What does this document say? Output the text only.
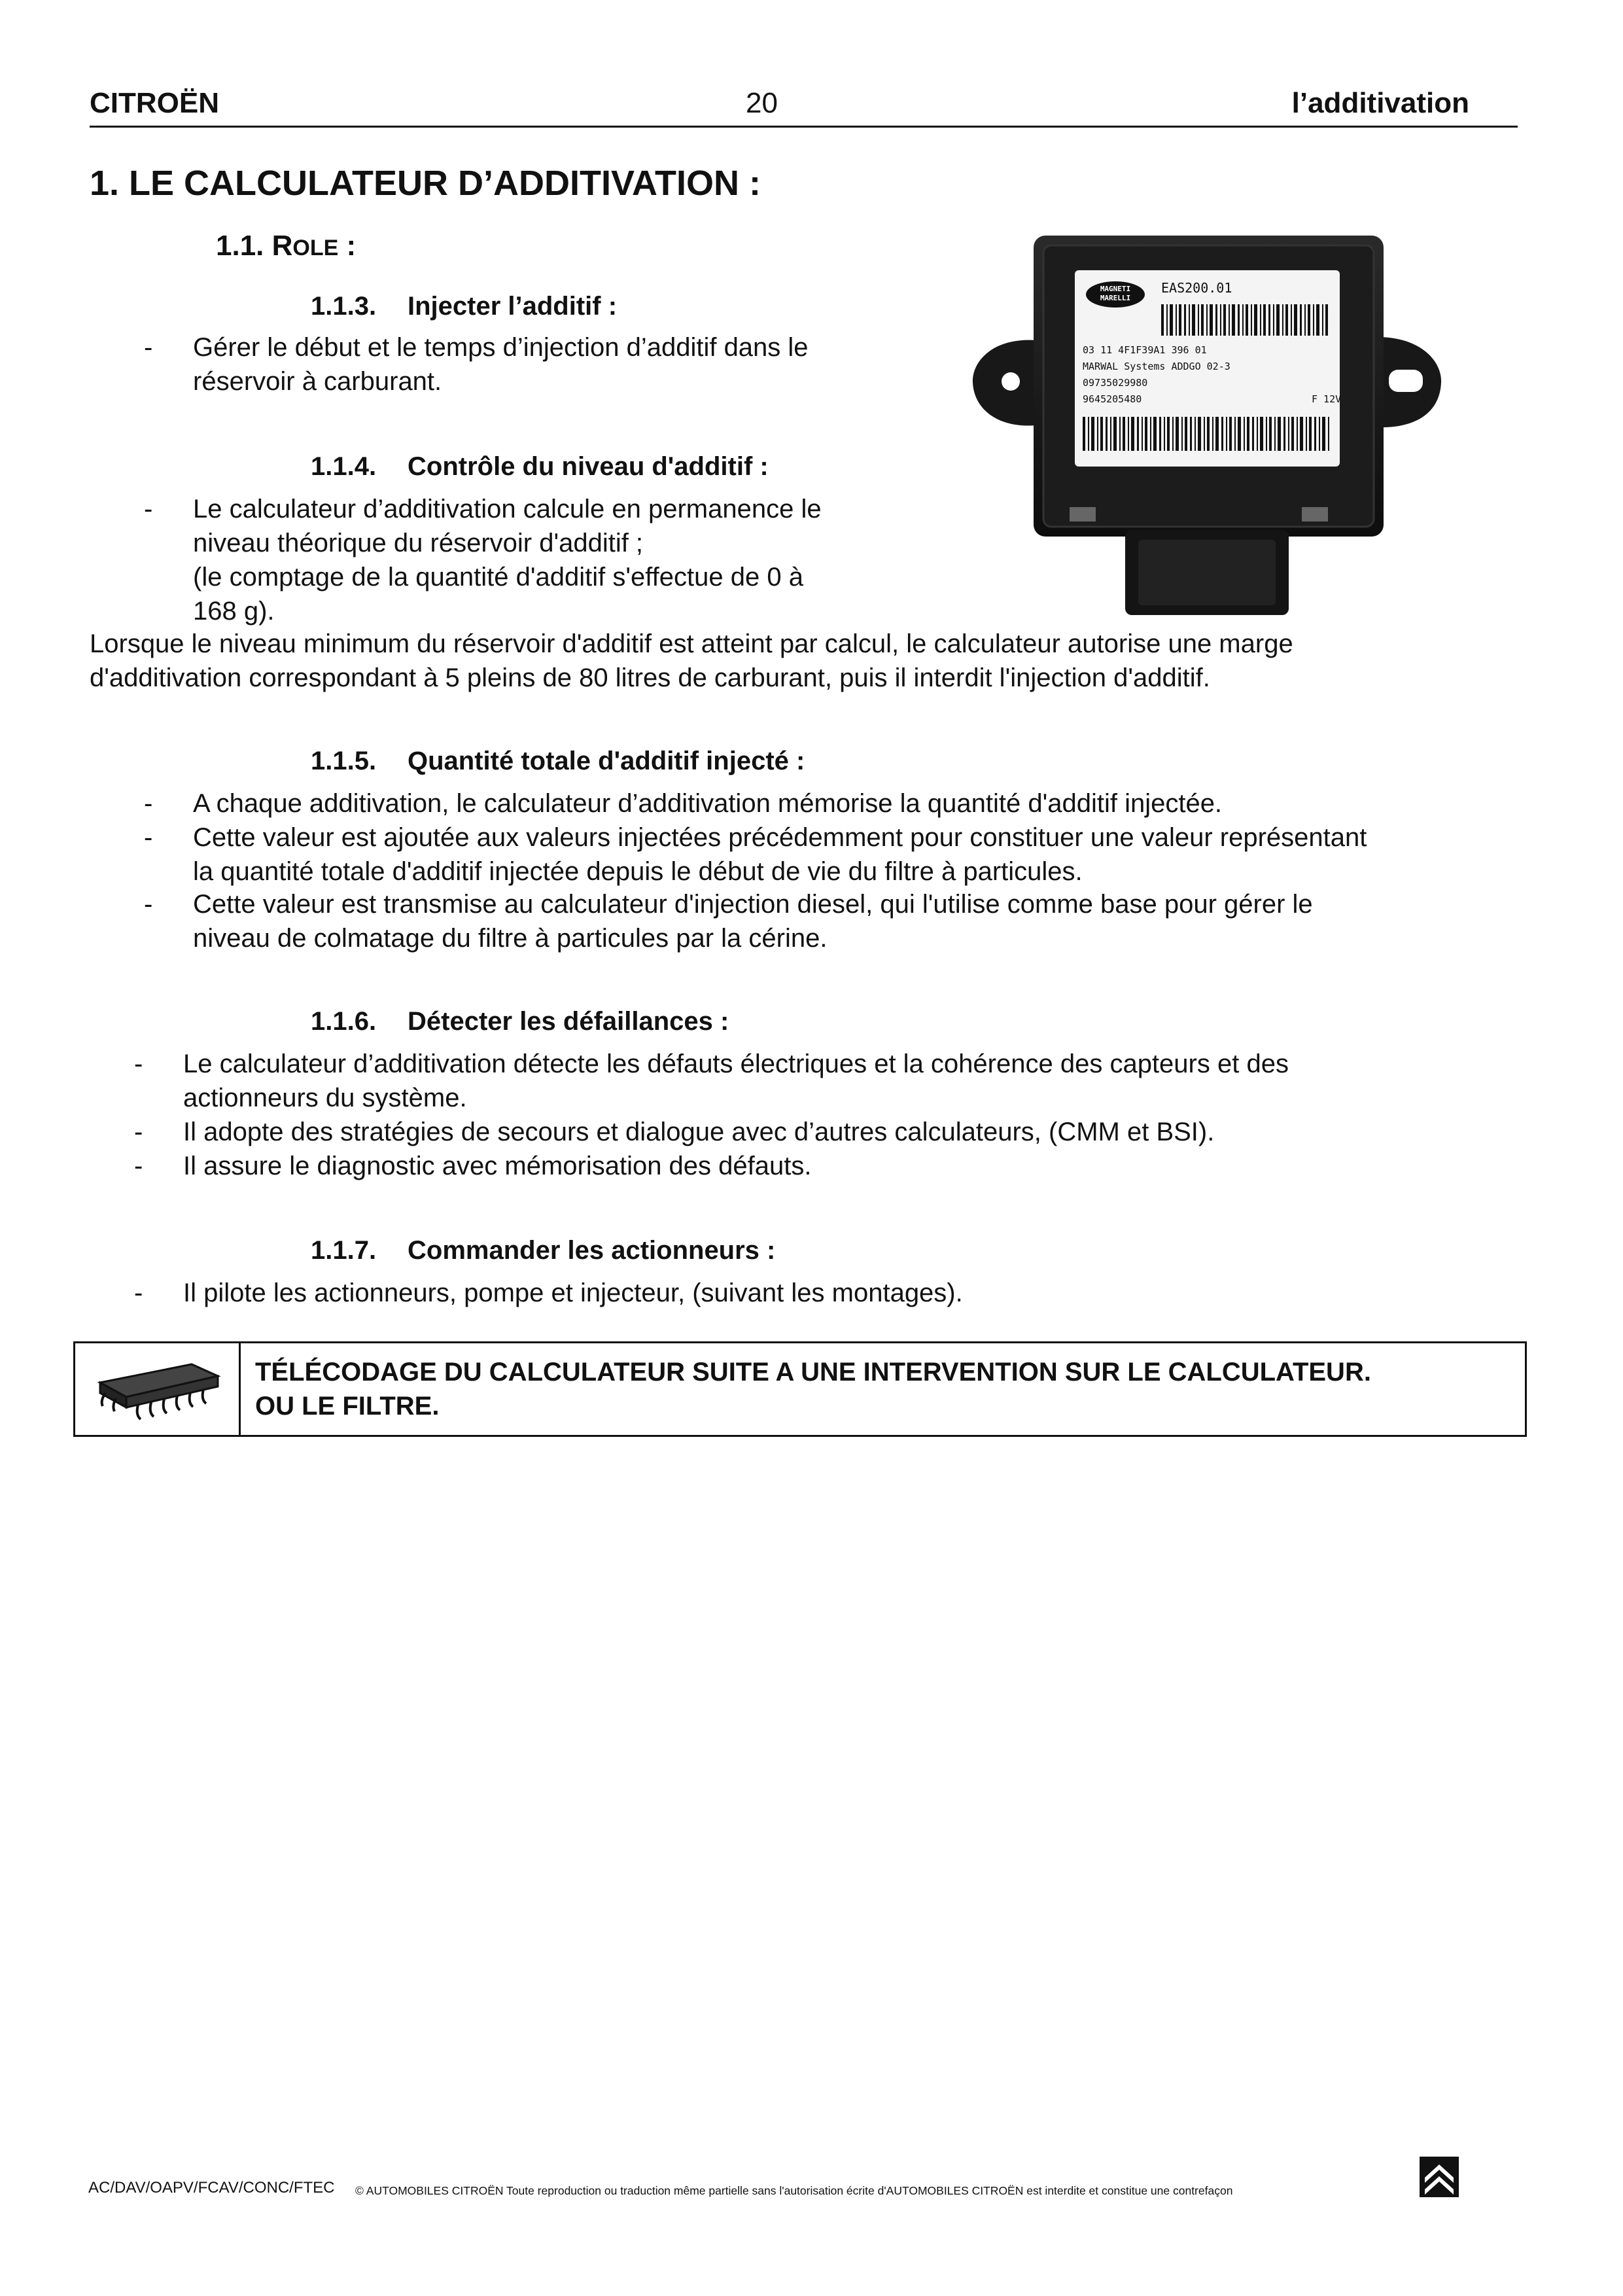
CITROËN	20	l’additivation
1. LE CALCULATEUR D’ADDITIVATION :
1.1. ROLE :
1.1.3. Injecter l’additif :
- Gérer le début et le temps d’injection d’additif dans le
réservoir à carburant.
1.1.4. Contrôle du niveau d'additif :
- Le calculateur d’additivation calcule en permanence le
niveau théorique du réservoir d'additif ;
(le comptage de la quantité d'additif s'effectue de 0 à
168 g).
Lorsque le niveau minimum du réservoir d'additif est atteint par calcul, le calculateur autorise une marge
d'additivation correspondant à 5 pleins de 80 litres de carburant, puis il interdit l'injection d'additif.
1.1.5. Quantité totale d'additif injecté :
- A chaque additivation, le calculateur d’additivation mémorise la quantité d'additif injectée.
- Cette valeur est ajoutée aux valeurs injectées précédemment pour constituer une valeur représentant
la quantité totale d'additif injectée depuis le début de vie du filtre à particules.
- Cette valeur est transmise au calculateur d'injection diesel, qui l'utilise comme base pour gérer le
niveau de colmatage du filtre à particules par la cérine.
1.1.6. Détecter les défaillances :
- Le calculateur d’additivation détecte les défauts électriques et la cohérence des capteurs et des
actionneurs du système.
- Il adopte des stratégies de secours et dialogue avec d’autres calculateurs, (CMM et BSI).
- Il assure le diagnostic avec mémorisation des défauts.
1.1.7. Commander les actionneurs :
- Il pilote les actionneurs, pompe et injecteur, (suivant les montages).
MAGNETI
MARELLI
EAS200.01
03 11 4F1F39A1 396 01
MARWAL Systems ADDGO 02-3
09735029980
9645205480	F 12V
TÉLÉCODAGE DU CALCULATEUR SUITE A UNE INTERVENTION SUR LE CALCULATEUR.
OU LE FILTRE.
AC/DAV/OAPV/FCAV/CONC/FTEC © AUTOMOBILES CITROËN Toute reproduction ou traduction même partielle sans l'autorisation écrite d'AUTOMOBILES CITROËN est interdite et constitue une contrefaçon
